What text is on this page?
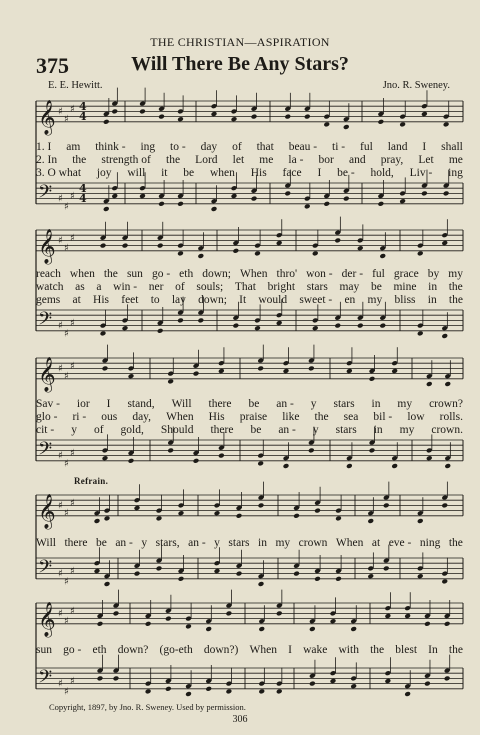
𝄞 ♯
♯
♯ 4
4
𝄢 ♯
♯
♯
4
4
𝄞 ♯
♯
♯
𝄢 ♯
♯
♯
𝄞 ♯
♯
♯
𝄢 ♯
♯
♯
𝄞 ♯
♯
♯
𝄢 ♯
♯
♯
𝄞 ♯
♯
♯
𝄢 ♯
♯
♯
THE CHRISTIAN—ASPIRATION
375	Will There Be Any Stars?
E. E. Hewitt.	Jno. R. Sweney.
1. I am think - ing to - day of that beau - ti - ful land I shall
2. In the strength of the Lord let me la - bor and pray, Let me
3. O what joy will it be when His face I be - hold, Liv - ing
reach when the sun go - eth down; When thro' won - der - ful grace by my
watch as a win - ner of souls; That bright stars may be mine in the
gems at His feet to lay down; It would sweet - en my bliss in the
Sav - ior I stand, Will there be an - y stars in my crown?
glo - ri - ous day, When His praise like the sea bil - low rolls.
cit - y of gold, Should there be an - y stars in my crown.
Will there be an - y stars, an - y stars in my crown When at eve - ning the
sun go - eth down? (go-eth down?) When I wake with the blest In the
Refrain.
Copyright, 1897, by Jno. R. Sweney. Used by permission.
306
